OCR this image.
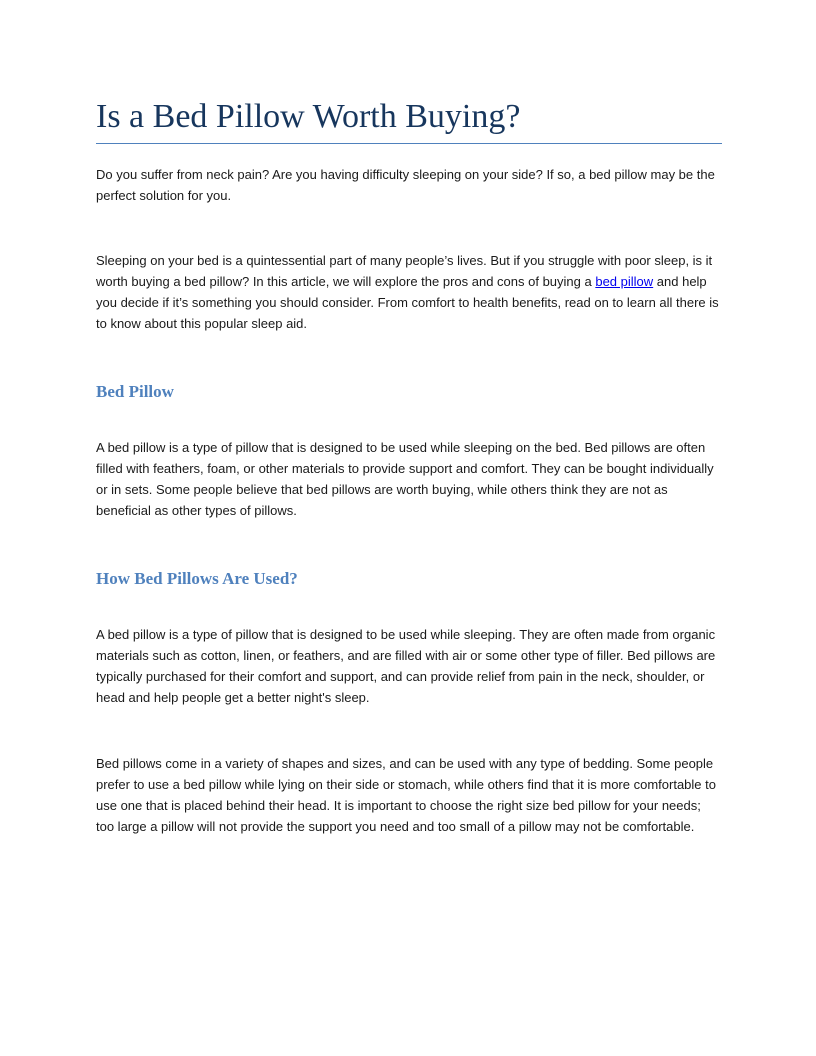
Is a Bed Pillow Worth Buying?

Do you suffer from neck pain? Are you having difficulty sleeping on your side? If so, a bed pillow may be the perfect solution for you.

Sleeping on your bed is a quintessential part of many people’s lives. But if you struggle with poor sleep, is it worth buying a bed pillow? In this article, we will explore the pros and cons of buying a bed pillow and help you decide if it’s something you should consider. From comfort to health benefits, read on to learn all there is to know about this popular sleep aid.

Bed Pillow

A bed pillow is a type of pillow that is designed to be used while sleeping on the bed. Bed pillows are often filled with feathers, foam, or other materials to provide support and comfort. They can be bought individually or in sets. Some people believe that bed pillows are worth buying, while others think they are not as beneficial as other types of pillows.

How Bed Pillows Are Used?

A bed pillow is a type of pillow that is designed to be used while sleeping. They are often made from organic materials such as cotton, linen, or feathers, and are filled with air or some other type of filler. Bed pillows are typically purchased for their comfort and support, and can provide relief from pain in the neck, shoulder, or head and help people get a better night's sleep.

Bed pillows come in a variety of shapes and sizes, and can be used with any type of bedding. Some people prefer to use a bed pillow while lying on their side or stomach, while others find that it is more comfortable to use one that is placed behind their head. It is important to choose the right size bed pillow for your needs; too large a pillow will not provide the support you need and too small of a pillow may not be comfortable.
